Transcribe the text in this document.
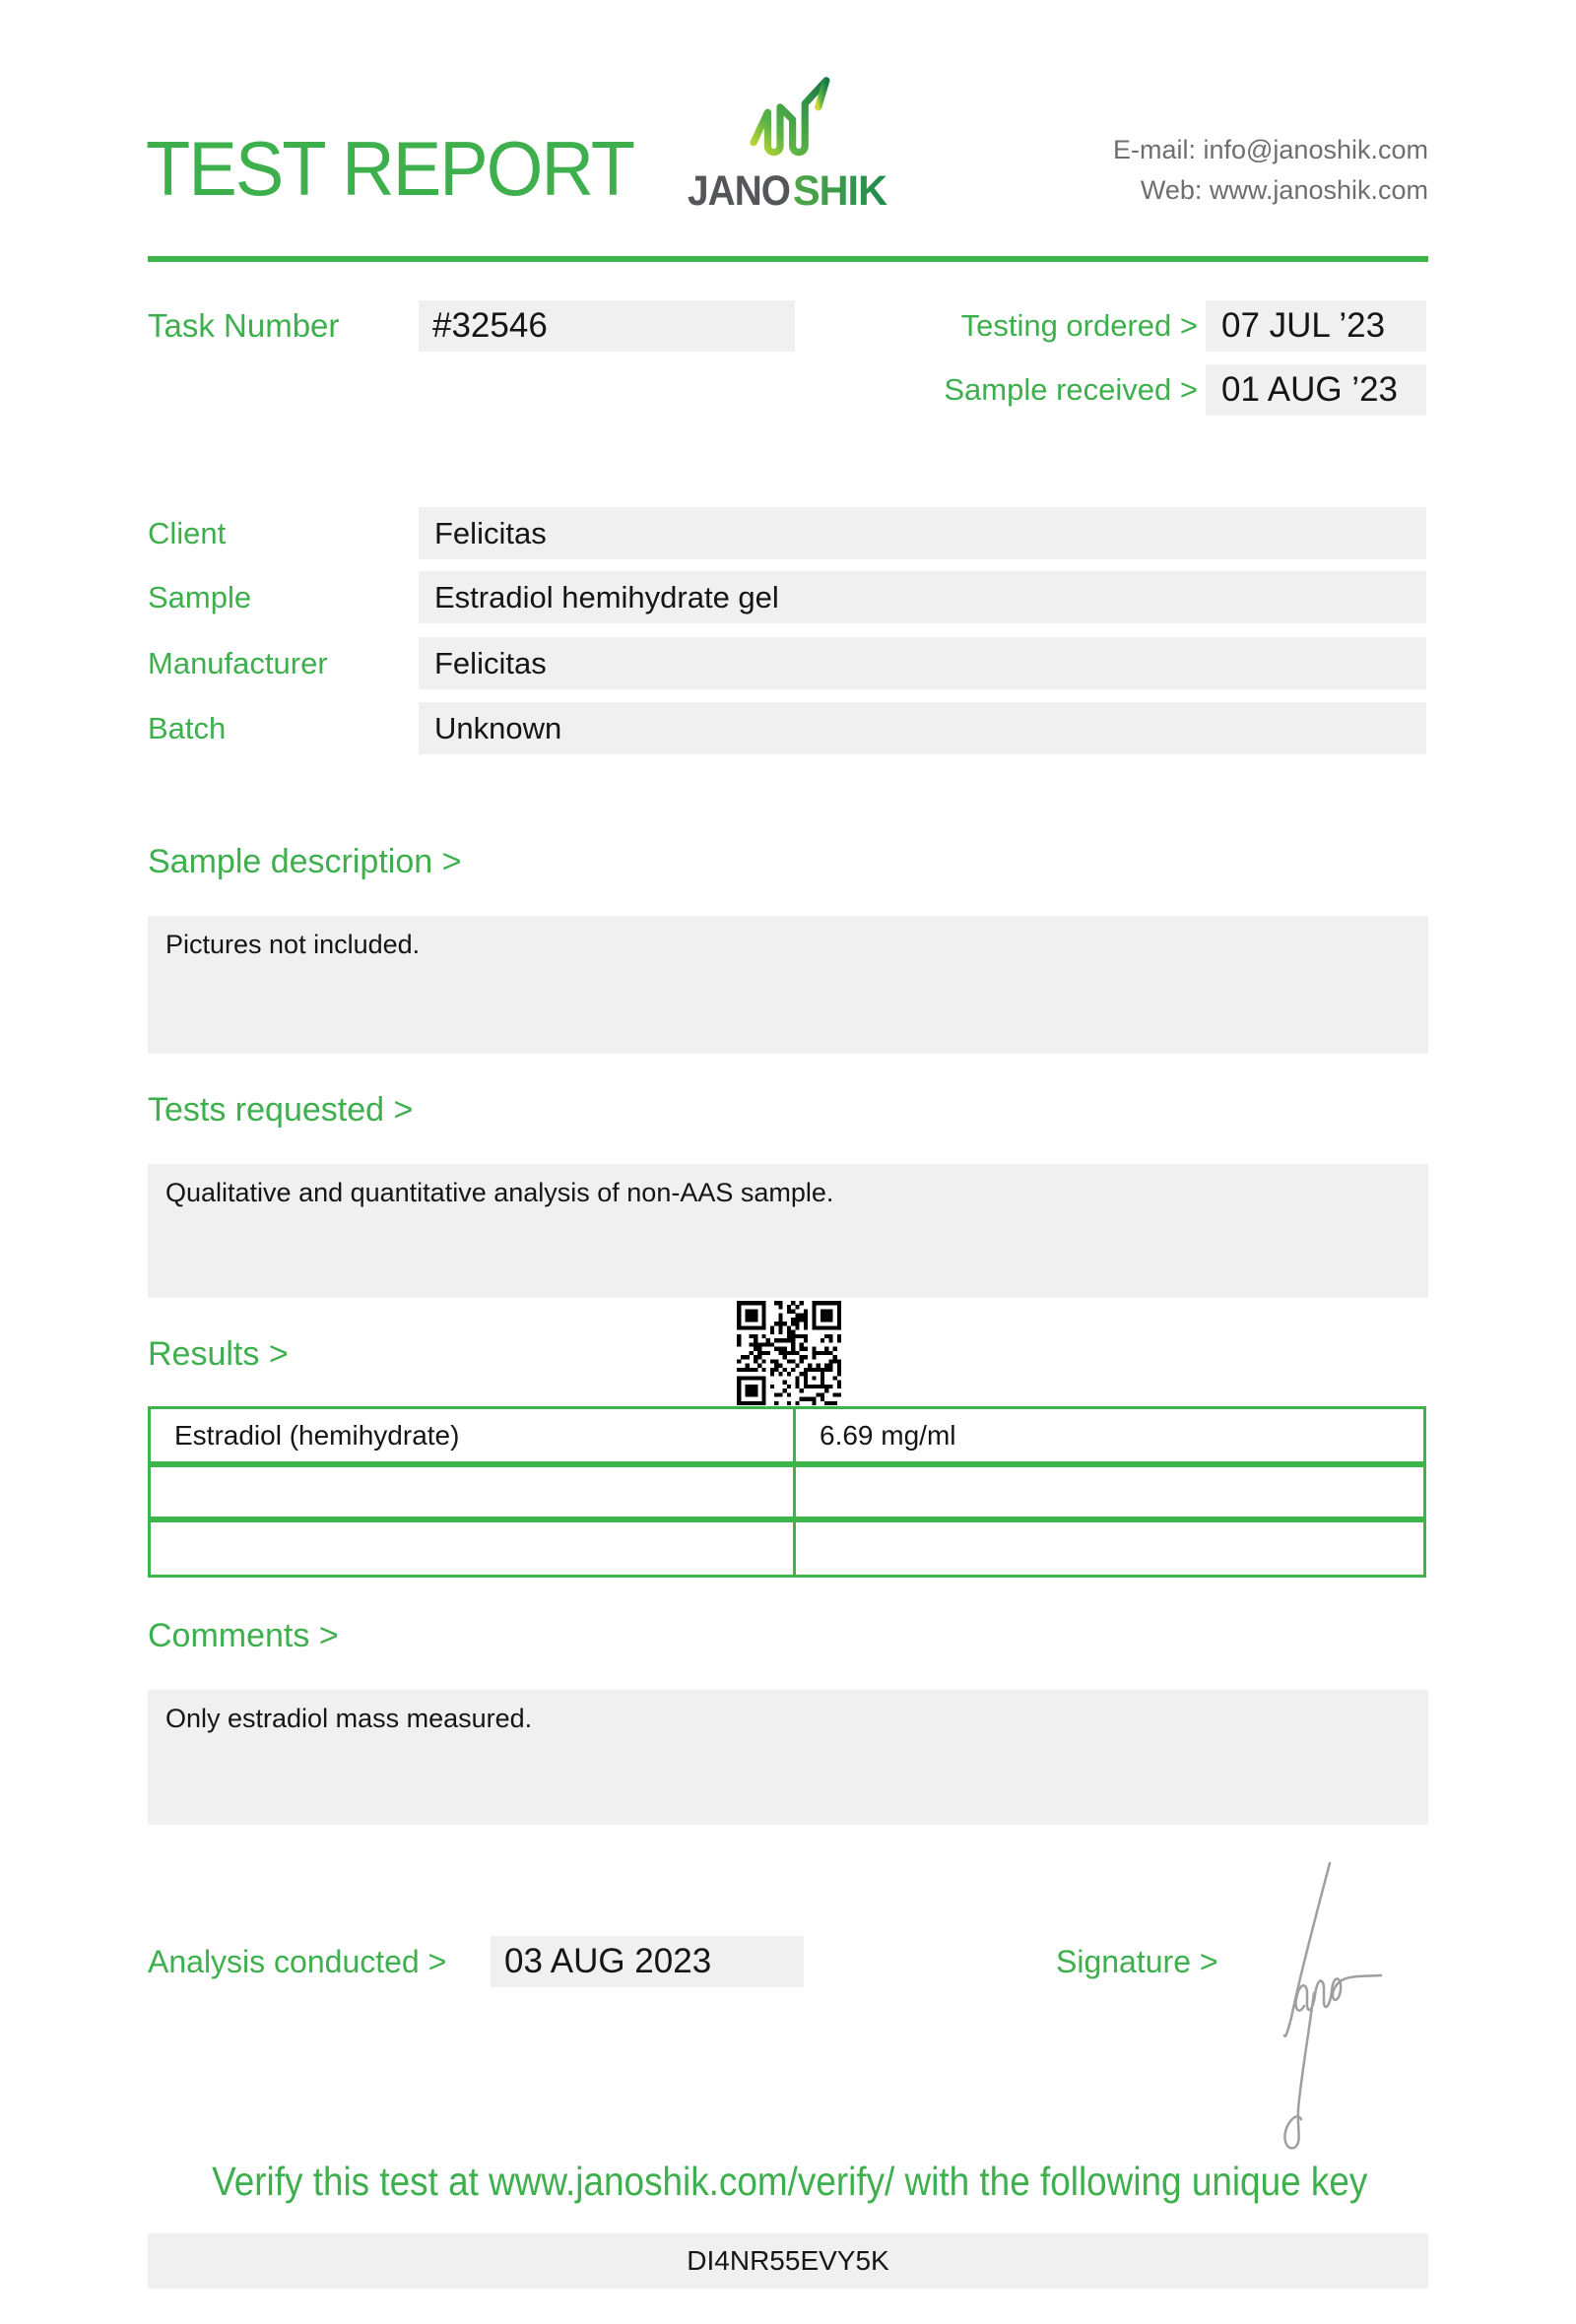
TEST REPORT JANO SHIK
E-mail: info@janoshik.com
Web: www.janoshik.com
Task Number	#32546	Testing ordered > 07 JUL ’23
Sample received > 01 AUG ’23
Client	Felicitas
Sample	Estradiol hemihydrate gel
Manufacturer	Felicitas
Batch	Unknown
Sample description >
Pictures not included.
Tests requested >
Qualitative and quantitative analysis of non-AAS sample.
Results >
Estradiol (hemihydrate)	6.69 mg/ml
Comments >
Only estradiol mass measured.
Analysis conducted >	03 AUG 2023	Signature >
Verify this test at www.janoshik.com/verify/ with the following unique key
DI4NR55EVY5K
